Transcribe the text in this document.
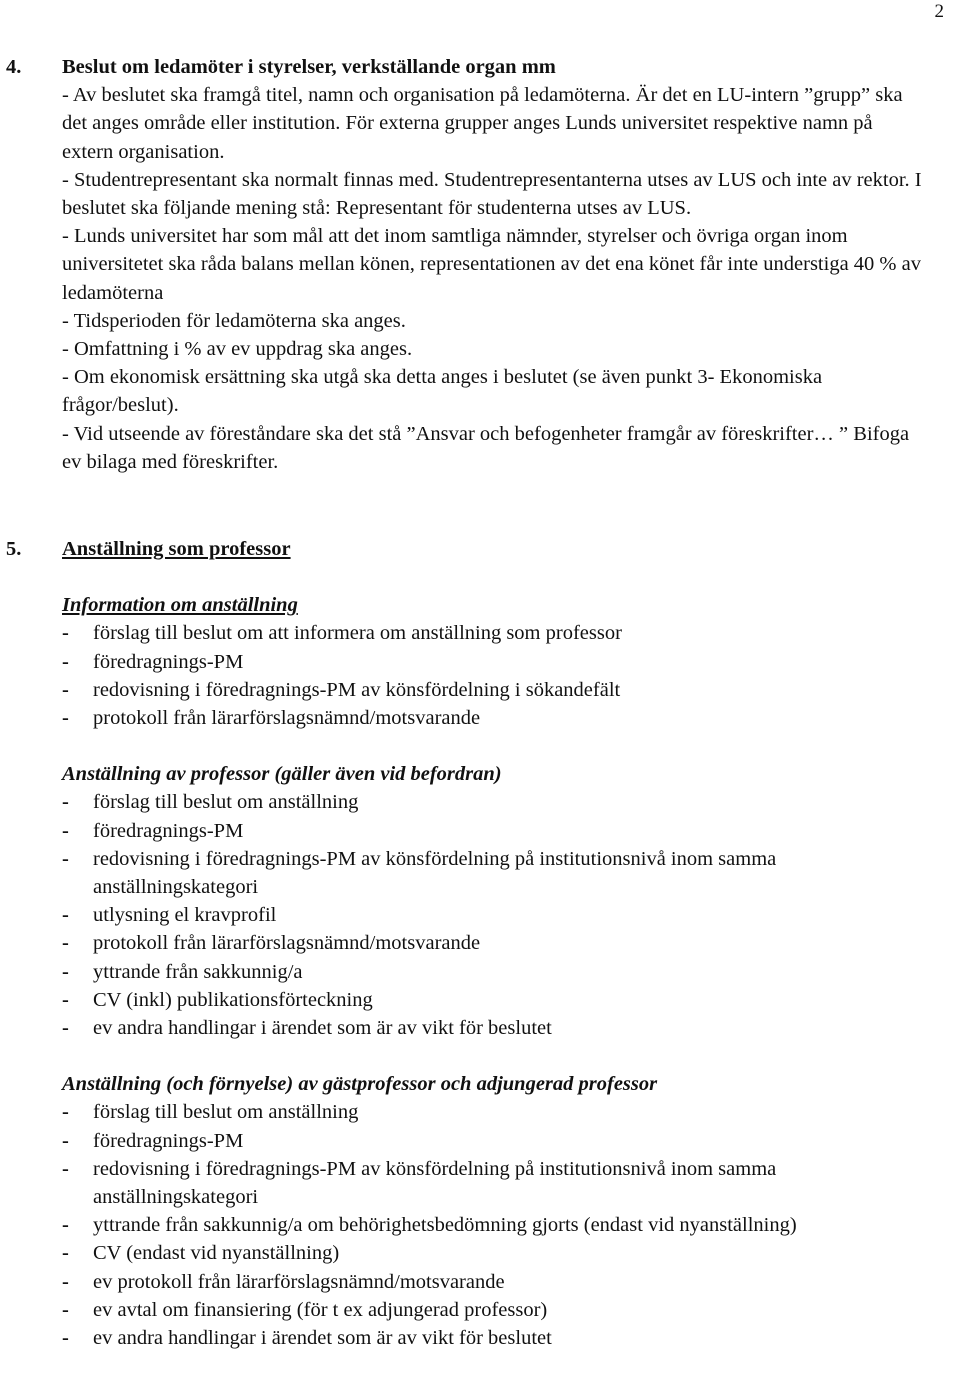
2
4. Beslut om ledamöter i styrelser, verkställande organ mm

- Av beslutet ska framgå titel, namn och organisation på ledamöterna. Är det en LU-intern ”grupp” ska det anges område eller institution. För externa grupper anges Lunds universitet respektive namn på extern organisation.

- Studentrepresentant ska normalt finnas med. Studentrepresentanterna utses av LUS och inte av rektor. I beslutet ska följande mening stå: Representant för studenterna utses av LUS.

- Lunds universitet har som mål att det inom samtliga nämnder, styrelser och övriga organ inom universitetet ska råda balans mellan könen, representationen av det ena könet får inte understiga 40 % av ledamöterna

- Tidsperioden för ledamöterna ska anges.

- Omfattning i % av ev uppdrag ska anges.

- Om ekonomisk ersättning ska utgå ska detta anges i beslutet (se även punkt 3- Ekonomiska frågor/beslut).

- Vid utseende av föreståndare ska det stå ”Ansvar och befogenheter framgår av föreskrifter… ” Bifoga ev bilaga med föreskrifter.

5. Anställning som professor

Information om anställning

- förslag till beslut om att informera om anställning som professor
- föredragnings-PM
- redovisning i föredragnings-PM av könsfördelning i sökandefält
- protokoll från lärarförslagsnämnd/motsvarande

Anställning av professor (gäller även vid befordran)

- förslag till beslut om anställning
- föredragnings-PM
- redovisning i föredragnings-PM av könsfördelning på institutionsnivå inom samma anställningskategori
- utlysning el kravprofil
- protokoll från lärarförslagsnämnd/motsvarande
- yttrande från sakkunnig/a
- CV (inkl) publikationsförteckning
- ev andra handlingar i ärendet som är av vikt för beslutet

Anställning (och förnyelse) av gästprofessor och adjungerad professor

- förslag till beslut om anställning
- föredragnings-PM
- redovisning i föredragnings-PM av könsfördelning på institutionsnivå inom samma anställningskategori
- yttrande från sakkunnig/a om behörighetsbedömning gjorts (endast vid nyanställning)
- CV (endast vid nyanställning)
- ev protokoll från lärarförslagsnämnd/motsvarande
- ev avtal om finansiering (för t ex adjungerad professor)
- ev andra handlingar i ärendet som är av vikt för beslutet
